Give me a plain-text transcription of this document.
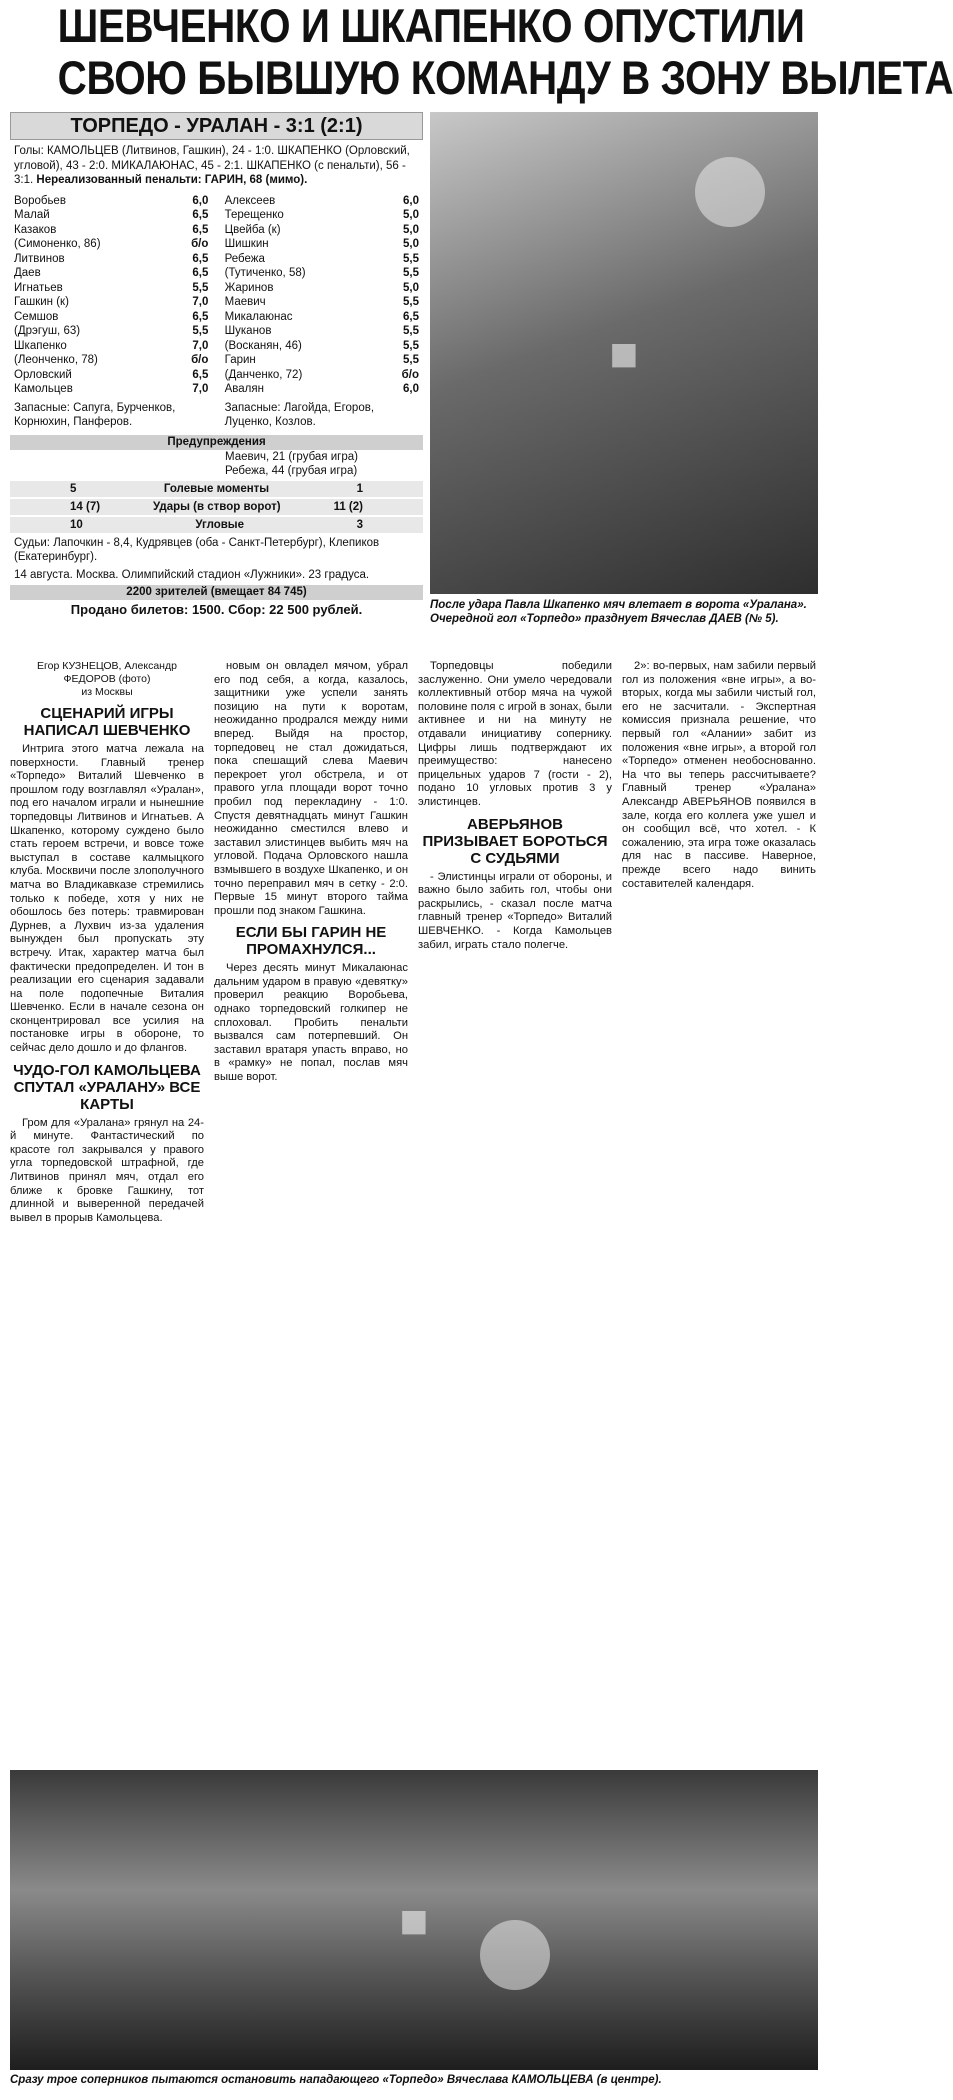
ШЕВЧЕНКО И ШКАПЕНКО ОПУСТИЛИ
СВОЮ БЫВШУЮ КОМАНДУ В ЗОНУ ВЫЛЕТА
ТОРПЕДО - УРАЛАН - 3:1 (2:1)
Голы: КАМОЛЬЦЕВ (Литвинов, Гашкин), 24 - 1:0. ШКАПЕНКО (Орловский, угловой), 43 - 2:0. МИКАЛАЮНАС, 45 - 2:1. ШКАПЕНКО (с пенальти), 56 - 3:1. Нереализованный пенальти: ГАРИН, 68 (мимо).
Воробьев	6,0
Малай	6,5
Казаков	6,5
(Симоненко, 86)	б/о
Литвинов	6,5
Даев	6,5
Игнатьев	5,5
Гашкин (к)	7,0
Семшов	6,5
(Дрэгуш, 63)	5,5
Шкапенко	7,0
(Леонченко, 78)	б/о
Орловский	6,5
Камольцев	7,0
Алексеев	6,0
Терещенко	5,0
Цвейба (к)	5,0
Шишкин	5,0
Ребежа	5,5
(Тутиченко, 58)	5,5
Жаринов	5,0
Маевич	5,5
Микалаюнас	6,5
Шуканов	5,5
(Восканян, 46)	5,5
Гарин	5,5
(Данченко, 72)	б/о
Авалян	6,0
Запасные: Сапуга, Бурченков, Корнюхин, Панферов.
Запасные: Лагойда, Егоров, Луценко, Козлов.
Предупреждения
Маевич, 21 (грубая игра)
Ребежа, 44 (грубая игра)
5	Голевые моменты	1
14 (7)	Удары (в створ ворот)	11 (2)
10	Угловые	3
Судьи: Лапочкин - 8,4, Кудрявцев (оба - Санкт-Петербург), Клепиков (Екатеринбург).
14 августа. Москва. Олимпийский стадион «Лужники». 23 градуса.
2200 зрителей (вмещает 84 745)
Продано билетов: 1500. Сбор: 22 500 рублей.
◼
После удара Павла Шкапенко мяч влетает в ворота «Уралана». Очередной гол «Торпедо» празднует Вячеслав ДАЕВ (№ 5).
Егор КУЗНЕЦОВ, Александр ФЕДОРОВ (фото)
из Москвы
СЦЕНАРИЙ ИГРЫ НАПИСАЛ ШЕВЧЕНКО

Интрига этого матча лежала на поверхности. Главный тренер «Торпедо» Виталий Шевченко в прошлом году возглавлял «Уралан», под его началом играли и нынешние торпедовцы Литвинов и Игнатьев. А Шкапенко, которому суждено было стать героем встречи, и вовсе тоже выступал в составе калмыцкого клуба. Москвичи после злополучного матча во Владикавказе стремились только к победе, хотя у них не обошлось без потерь: травмирован Дурнев, а Лухвич из-за удаления вынужден был пропускать эту встречу. Итак, характер матча был фактически предопределен. И тон в реализации его сценария задавали на поле подопечные Виталия Шевченко. Если в начале сезона он сконцентрировал все усилия на постановке игры в обороне, то сейчас дело дошло и до флангов.

ЧУДО-ГОЛ КАМОЛЬЦЕВА СПУТАЛ «УРАЛАНУ» ВСЕ КАРТЫ

Гром для «Уралана» грянул на 24-й минуте. Фантастический по красоте гол закрывался у правого угла торпедовской штрафной, где Литвинов принял мяч, отдал его ближе к бровке Гашкину, тот длинной и выверенной передачей вывел в прорыв Камольцева.

новым он овладел мячом, убрал его под себя, а когда, казалось, защитники уже успели занять позицию на пути к воротам, неожиданно продрался между ними вперед. Выйдя на простор, торпедовец не стал дожидаться, пока спешащий слева Маевич перекроет угол обстрела, и от правого угла площади ворот точно пробил под перекладину - 1:0. Спустя девятнадцать минут Гашкин неожиданно сместился влево и заставил элистинцев выбить мяч на угловой. Подача Орловского нашла взмывшего в воздухе Шкапенко, и он точно переправил мяч в сетку - 2:0. Первые 15 минут второго тайма прошли под знаком Гашкина.

ЕСЛИ БЫ ГАРИН НЕ ПРОМАХНУЛСЯ...

Через десять минут Микалаюнас дальним ударом в правую «девятку» проверил реакцию Воробьева, однако торпедовский голкипер не сплоховал. Пробить пенальти вызвался сам потерпевший. Он заставил вратаря упасть вправо, но в «рамку» не попал, послав мяч выше ворот.

Торпедовцы победили заслуженно. Они умело чередовали коллективный отбор мяча на чужой половине поля с игрой в зонах, были активнее и ни на минуту не отдавали инициативу сопернику. Цифры лишь подтверждают их преимущество: нанесено прицельных ударов 7 (гости - 2), подано 10 угловых против 3 у элистинцев.

АВЕРЬЯНОВ ПРИЗЫВАЕТ БОРОТЬСЯ С СУДЬЯМИ

- Элистинцы играли от обороны, и важно было забить гол, чтобы они раскрылись, - сказал после матча главный тренер «Торпедо» Виталий ШЕВЧЕНКО. - Когда Камольцев забил, играть стало полегче.

2»: во-первых, нам забили первый гол из положения «вне игры», а во-вторых, когда мы забили чистый гол, его не засчитали. - Экспертная комиссия признала решение, что первый гол «Алании» забит из положения «вне игры», а второй гол «Торпедо» отменен необоснованно. На что вы теперь рассчитываете? Главный тренер «Уралана» Александр АВЕРЬЯНОВ появился в зале, когда его коллега уже ушел и он сообщил всё, что хотел. - К сожалению, эта игра тоже оказалась для нас в пассиве. Наверное, прежде всего надо винить составителей календаря.

◼
Сразу трое соперников пытаются остановить нападающего «Торпедо» Вячеслава КАМОЛЬЦЕВА (в центре).
